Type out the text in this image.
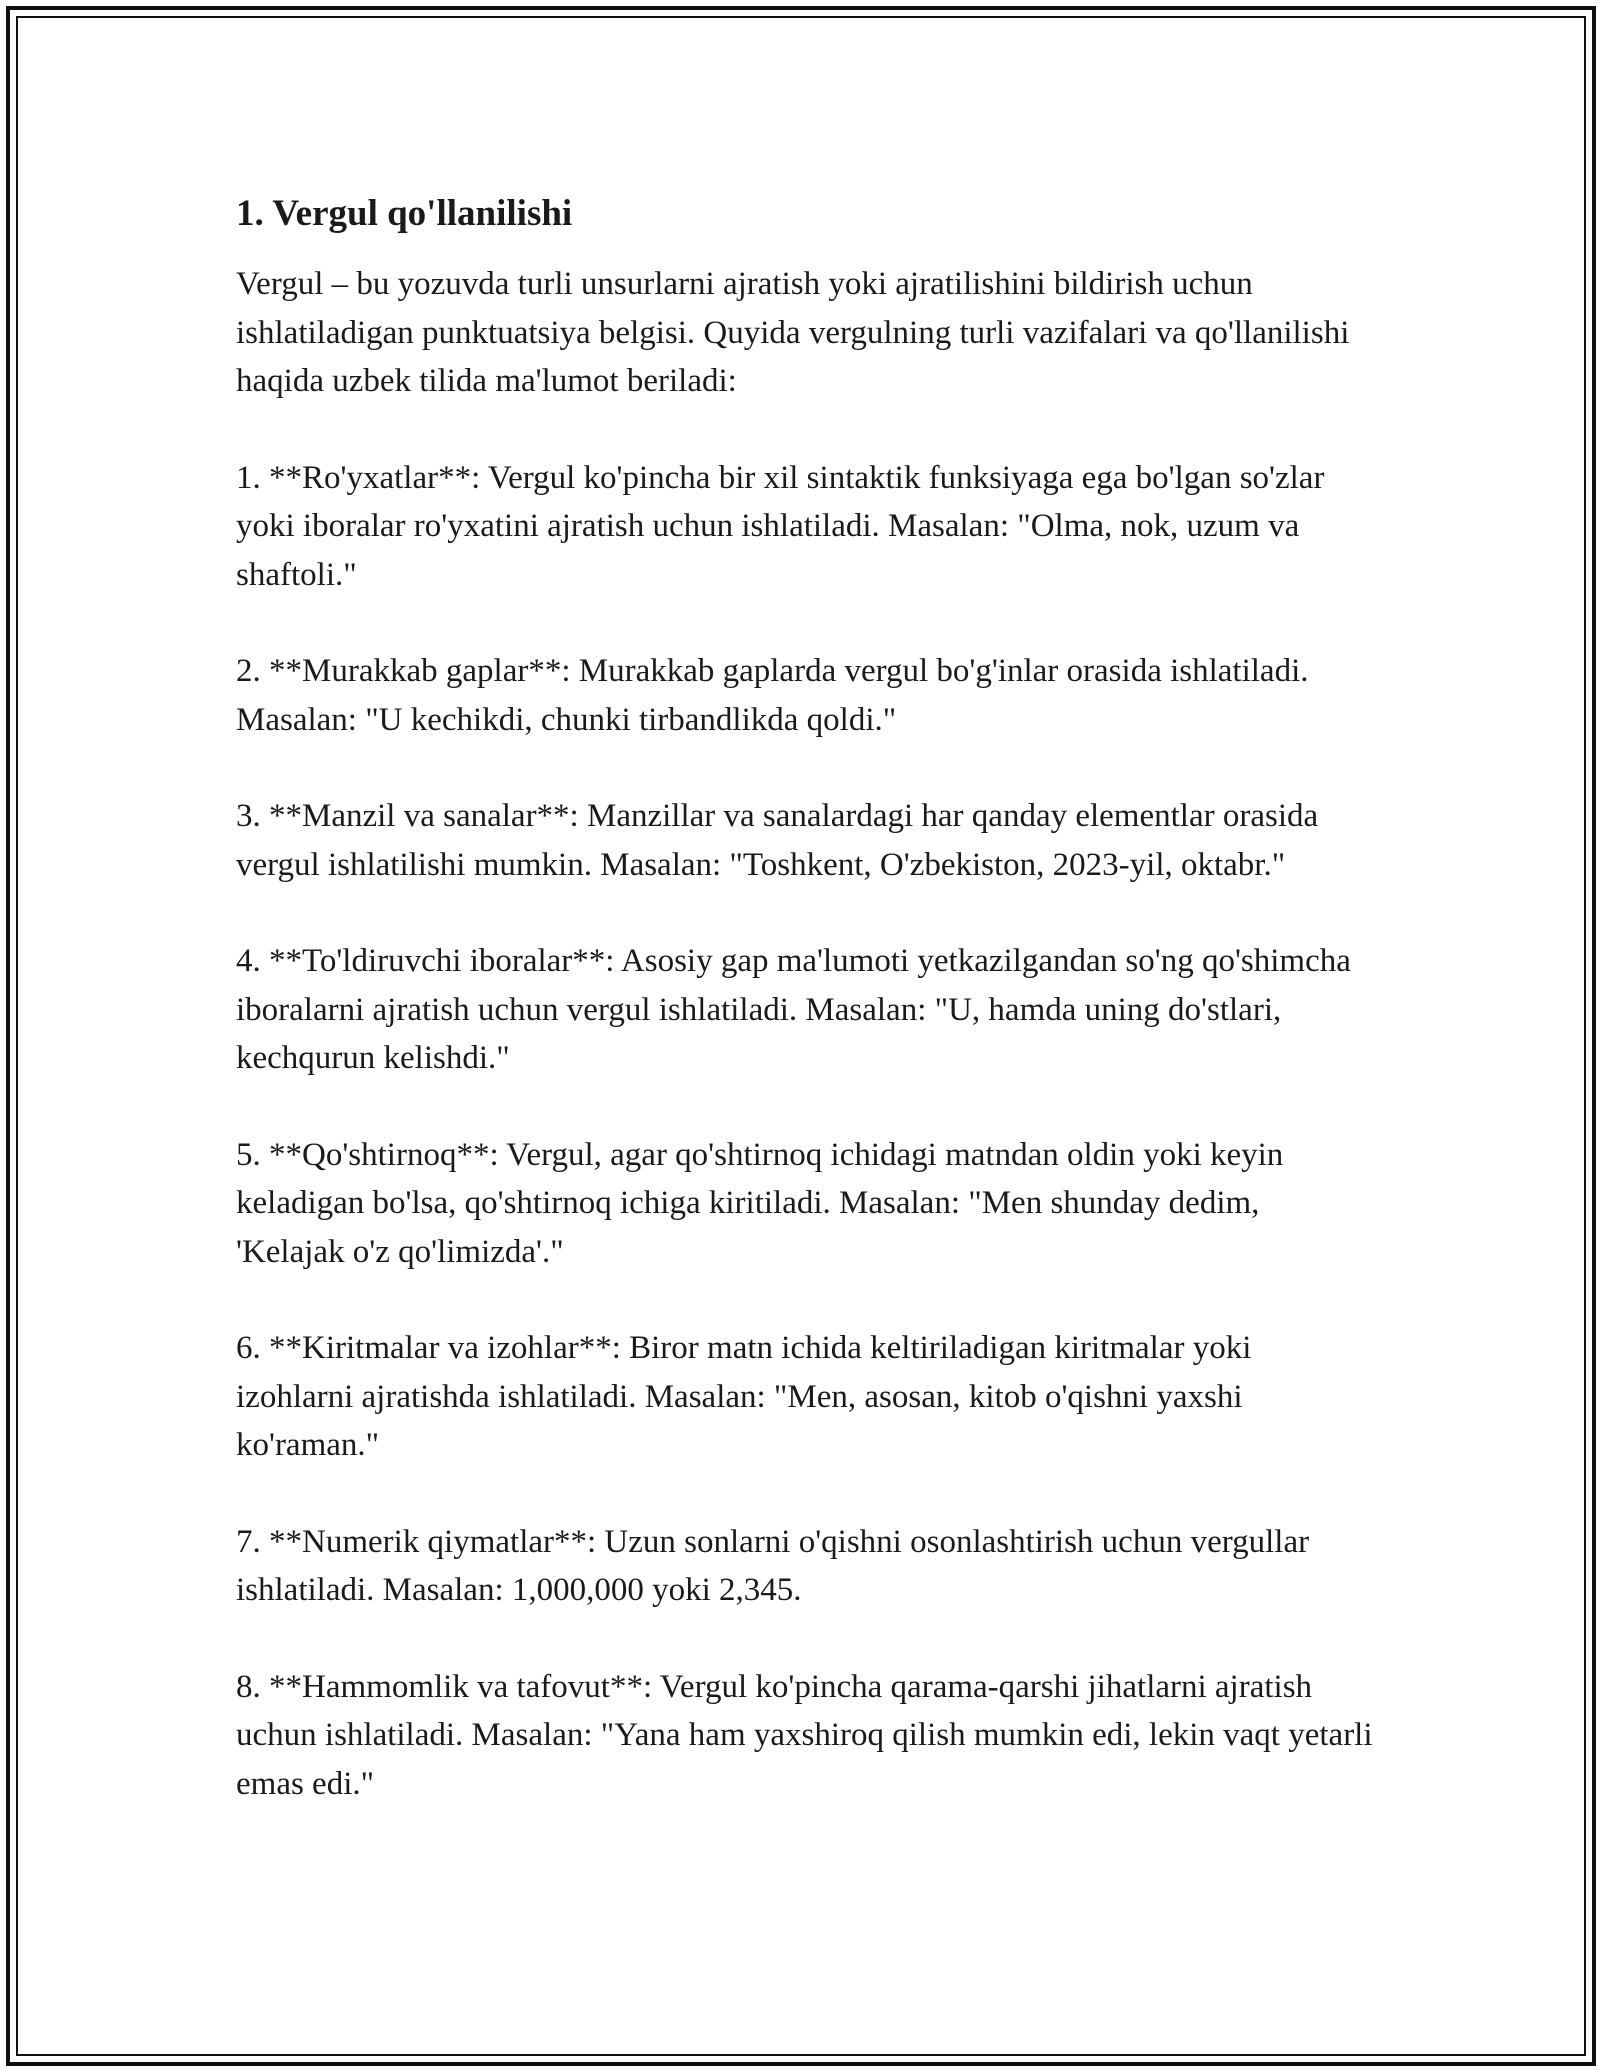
1. Vergul qo'llanilishi

Vergul – bu yozuvda turli unsurlarni ajratish yoki ajratilishini bildirish uchun ishlatiladigan punktuatsiya belgisi. Quyida vergulning turli vazifalari va qo'llanilishi haqida uzbek tilida ma'lumot beriladi:

1. **Ro'yxatlar**: Vergul ko'pincha bir xil sintaktik funksiyaga ega bo'lgan so'zlar yoki iboralar ro'yxatini ajratish uchun ishlatiladi. Masalan: "Olma, nok, uzum va shaftoli."

2. **Murakkab gaplar**: Murakkab gaplarda vergul bo'g'inlar orasida ishlatiladi. Masalan: "U kechikdi, chunki tirbandlikda qoldi."

3. **Manzil va sanalar**: Manzillar va sanalardagi har qanday elementlar orasida vergul ishlatilishi mumkin. Masalan: "Toshkent, O'zbekiston, 2023-yil, oktabr."

4. **To'ldiruvchi iboralar**: Asosiy gap ma'lumoti yetkazilgandan so'ng qo'shimcha iboralarni ajratish uchun vergul ishlatiladi. Masalan: "U, hamda uning do'stlari, kechqurun kelishdi."

5. **Qo'shtirnoq**: Vergul, agar qo'shtirnoq ichidagi matndan oldin yoki keyin keladigan bo'lsa, qo'shtirnoq ichiga kiritiladi. Masalan: "Men shunday dedim, 'Kelajak o'z qo'limizda'."

6. **Kiritmalar va izohlar**: Biror matn ichida keltiriladigan kiritmalar yoki izohlarni ajratishda ishlatiladi. Masalan: "Men, asosan, kitob o'qishni yaxshi ko'raman."

7. **Numerik qiymatlar**: Uzun sonlarni o'qishni osonlashtirish uchun vergullar ishlatiladi. Masalan: 1,000,000 yoki 2,345.

8. **Hammomlik va tafovut**: Vergul ko'pincha qarama-qarshi jihatlarni ajratish uchun ishlatiladi. Masalan: "Yana ham yaxshiroq qilish mumkin edi, lekin vaqt yetarli emas edi."
